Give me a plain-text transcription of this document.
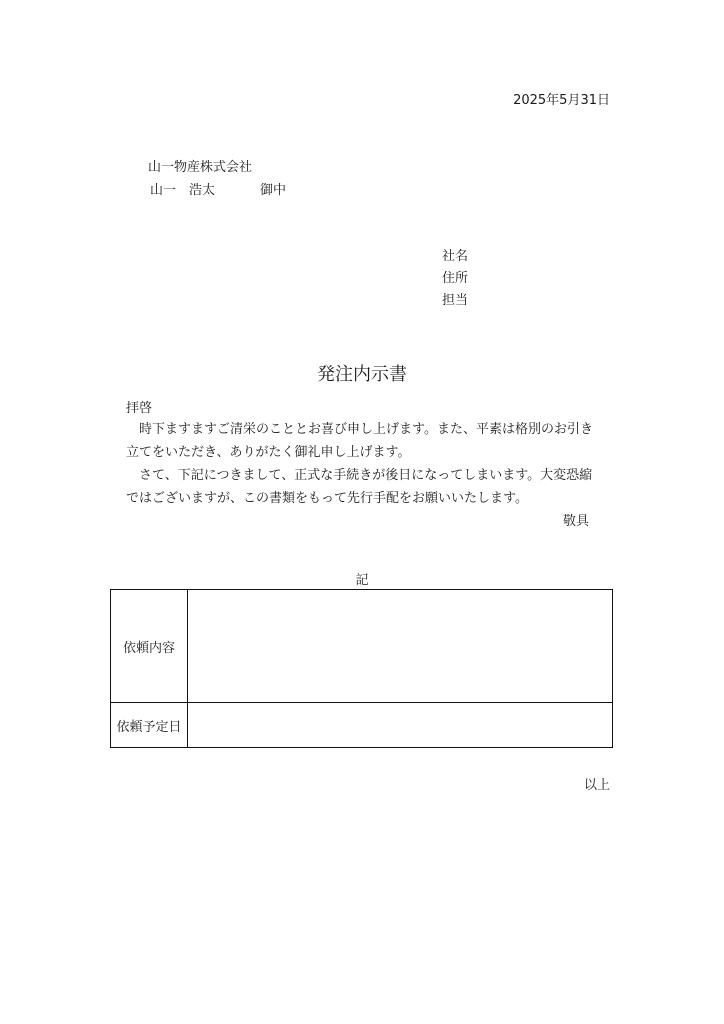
2025年5月31日
山一物産株式会社
山一　浩太	御中
社名
住所
担当
発注内示書
拝啓

時下ますますご清栄のこととお喜び申し上げます。また、平素は格別のお引き立てをいただき、ありがたく御礼申し上げます。

さて、下記につきまして、正式な手続きが後日になってしまいます。大変恐縮ではございますが、この書類をもって先行手配をお願いいたします。

敬具
記
依頼内容	
依頼予定日	
以上
